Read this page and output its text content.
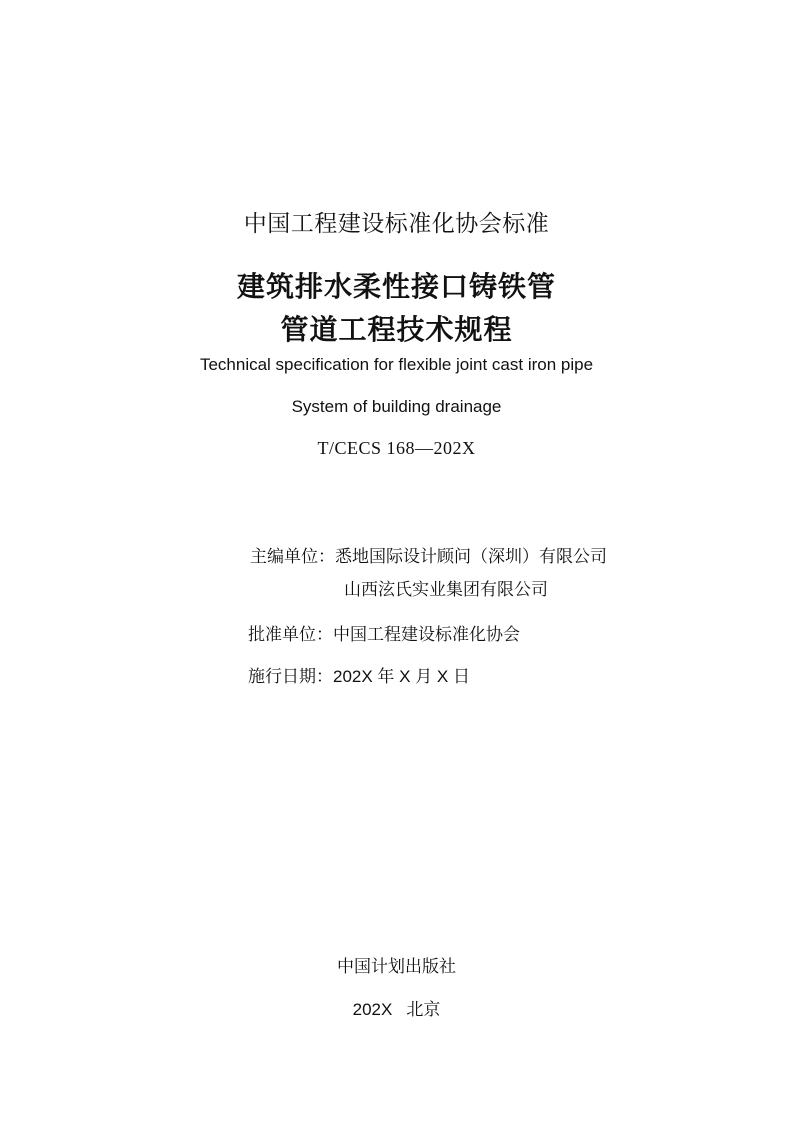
中国工程建设标准化协会标准
建筑排水柔性接口铸铁管
管道工程技术规程
Technical specification for flexible joint cast iron pipe
System of building drainage
T/CECS 168—202X
主编单位：悉地国际设计顾问（深圳）有限公司
山西泫氏实业集团有限公司
批准单位：中国工程建设标准化协会
施行日期：202X 年 X 月 X 日
中国计划出版社
202X 北京
